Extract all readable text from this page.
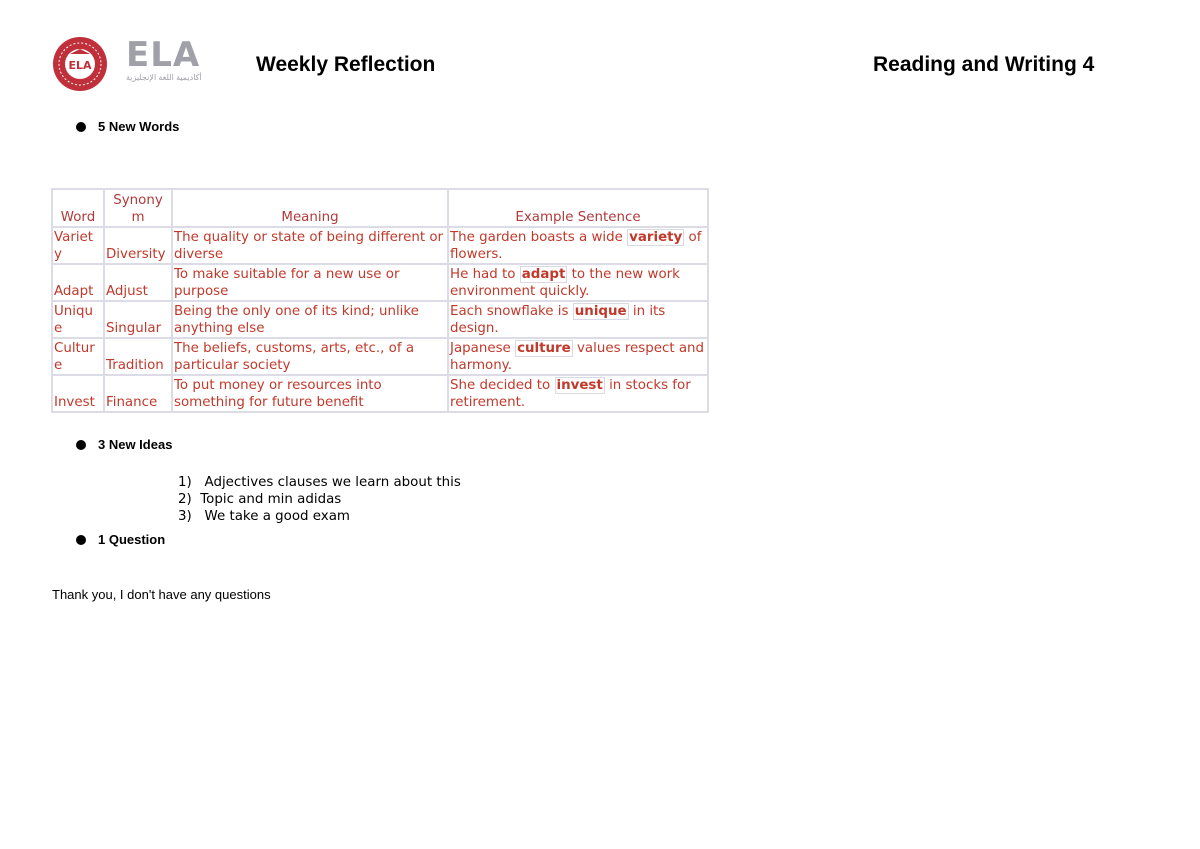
ELA ELA
أكاديمية اللغة الإنجليزية
Weekly Reflection	Reading and Writing 4
5 New Words
Word	Synony m	Meaning	Example Sentence
Variet y	Diversity	The quality or state of being different or diverse	The garden boasts a wide variety of flowers.
Adapt	Adjust	To make suitable for a new use or purpose	He had to adapt to the new work environment quickly.
Uniqu e	Singular	Being the only one of its kind; unlike anything else	Each snowflake is unique in its design.
Cultur e	Tradition	The beliefs, customs, arts, etc., of a particular society	Japanese culture values respect and harmony.
Invest	Finance	To put money or resources into something for future benefit	She decided to invest in stocks for retirement.
3 New Ideas
1)   Adjectives clauses we learn about this
2)  Topic and min adidas
3)   We take a good exam
1 Question
Thank you, I don't have any questions
